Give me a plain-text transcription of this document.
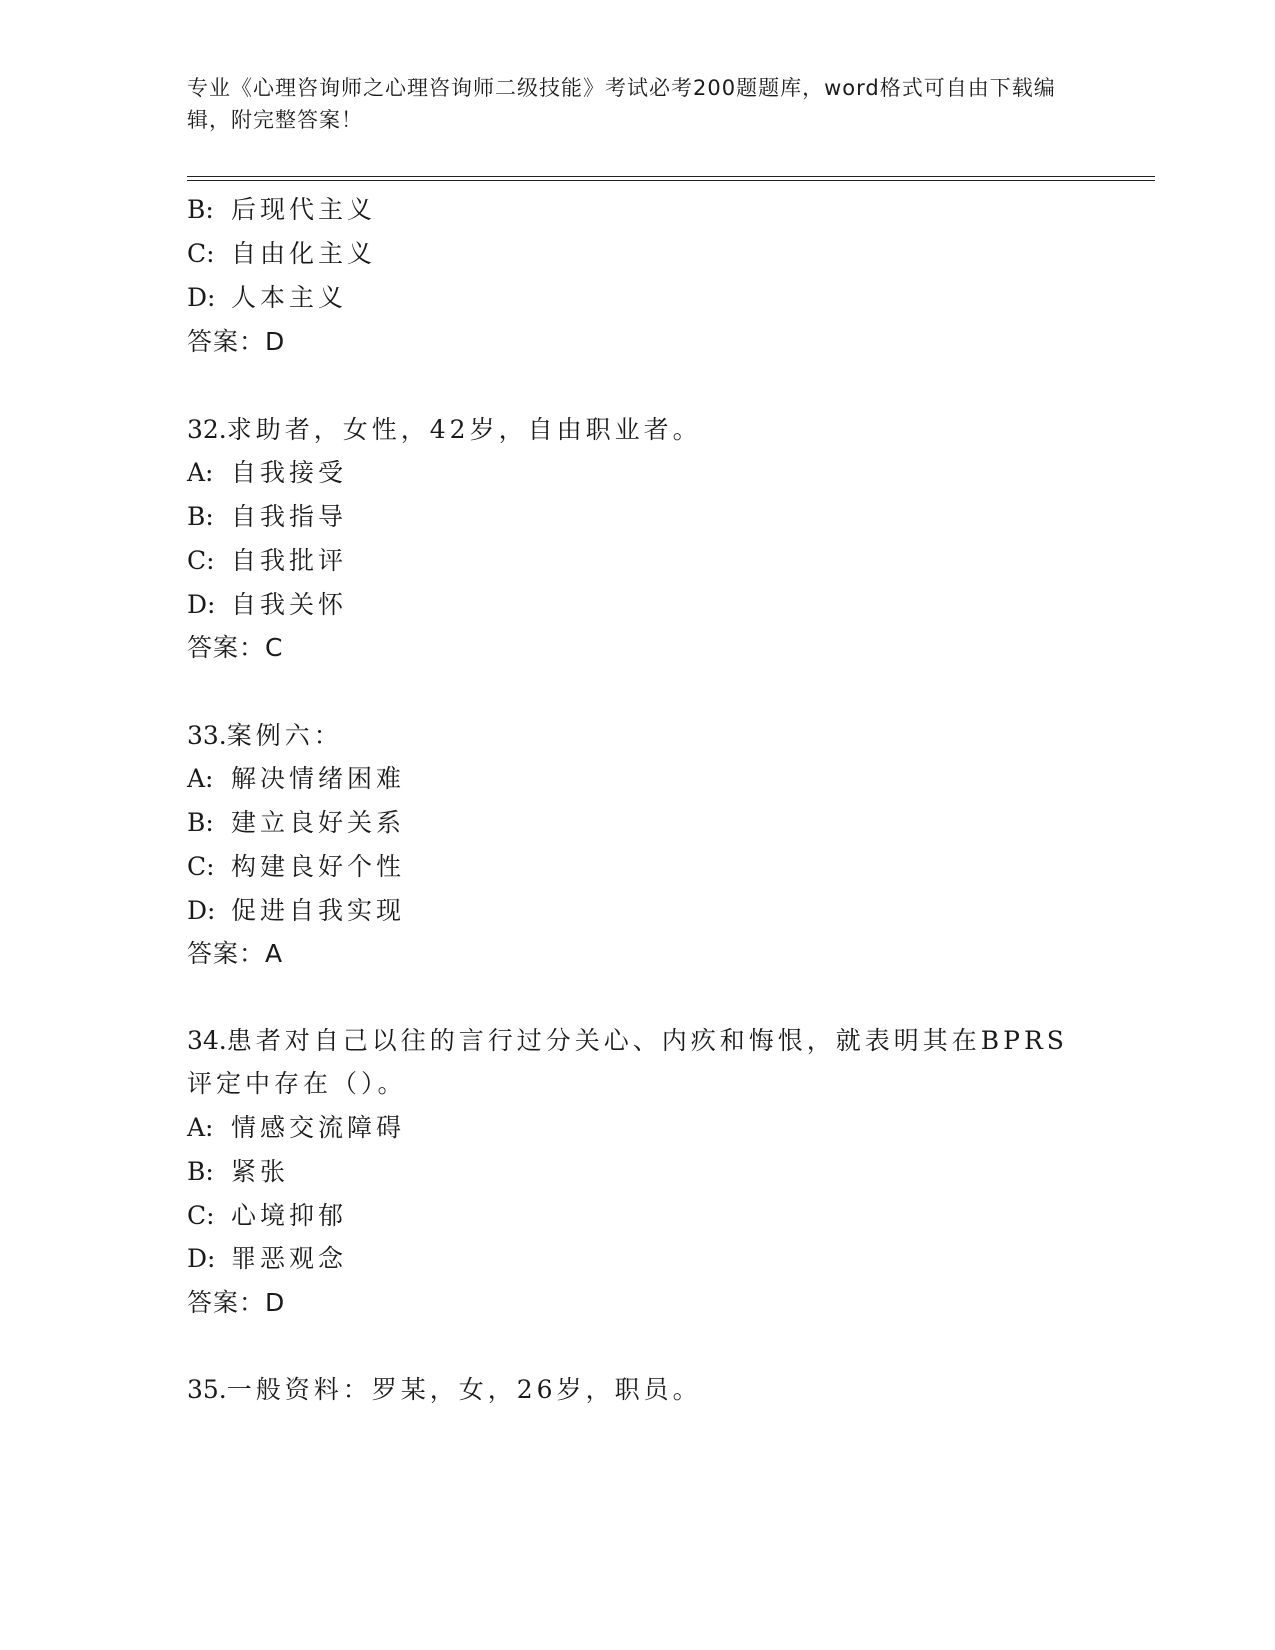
专业《心理咨询师之心理咨询师二级技能》考试必考200题题库，word格式可自由下载编辑，附完整答案！
B: 后现代主义
C: 自由化主义
D: 人本主义
答案：D
32.求助者，女性，42岁，自由职业者。
A: 自我接受
B: 自我指导
C: 自我批评
D: 自我关怀
答案：C
33.案例六：
A: 解决情绪困难
B: 建立良好关系
C: 构建良好个性
D: 促进自我实现
答案：A
34.患者对自己以往的言行过分关心、内疚和悔恨，就表明其在BPRS
评定中存在（）。
A: 情感交流障碍
B: 紧张
C: 心境抑郁
D: 罪恶观念
答案：D
35.一般资料：罗某，女，26岁，职员。
